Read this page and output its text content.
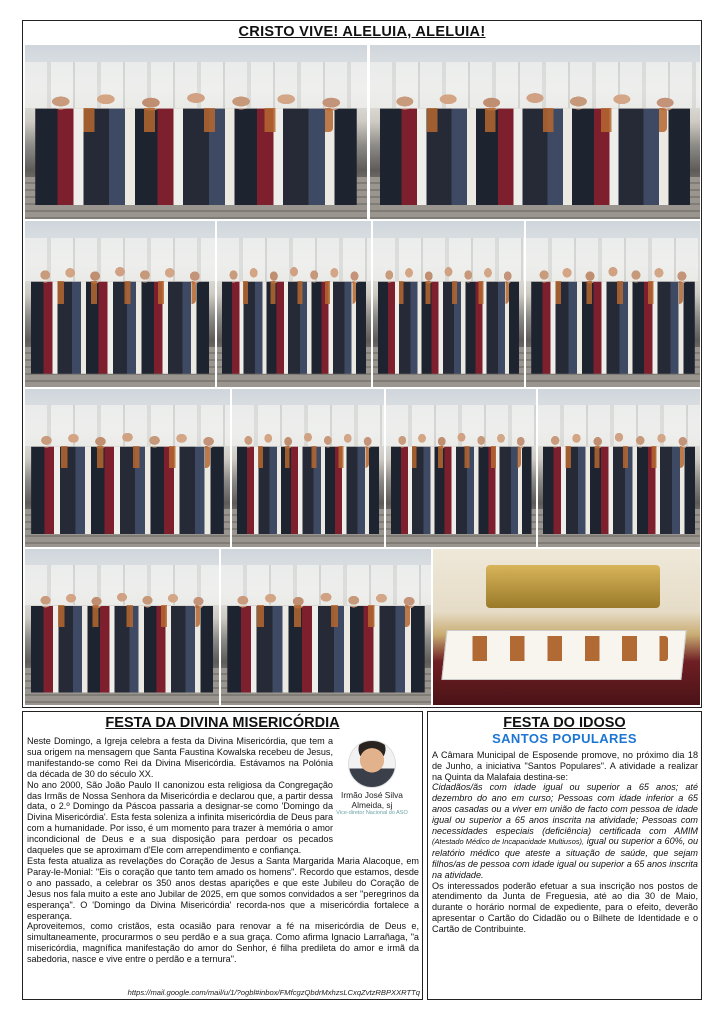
CRISTO VIVE! ALELUIA, ALELUIA!
FESTA DA DIVINA MISERICÓRDIA
Irmão José Silva Almeida, sj
Vice-diretor Nacional do ASO

Neste Domingo, a Igreja celebra a festa da Divina Misericórdia, que tem a sua origem na mensagem que Santa Faustina Kowalska recebeu de Jesus, manifestando-se como Rei da Divina Misericórdia. Estávamos na Polónia da década de 30 do século XX.

No ano 2000, São João Paulo II canonizou esta religiosa da Congregação das Irmãs de Nossa Senhora da Misericórdia e declarou que, a partir dessa data, o 2.º Domingo da Páscoa passaria a designar-se como 'Domingo da Divina Misericórdia'. Esta festa soleniza a infinita misericórdia de Deus para com a humanidade. Por isso, é um momento para trazer à memória o amor incondicional de Deus e a sua disposição para perdoar os pecados daqueles que se aproximam d'Ele com arrependimento e confiança.

Esta festa atualiza as revelações do Coração de Jesus a Santa Margarida Maria Alacoque, em Paray-le-Monial: "Eis o coração que tanto tem amado os homens". Recordo que estamos, desde o ano passado, a celebrar os 350 anos destas aparições e que este Jubileu do Coração de Jesus nos fala muito a este ano Jubilar de 2025, em que somos convidados a ser "peregrinos da esperança". O 'Domingo da Divina Misericórdia' recorda-nos que a misericórdia fortalece a esperança.

Aproveitemos, como cristãos, esta ocasião para renovar a fé na misericórdia de Deus e, simultaneamente, procurarmos o seu perdão e a sua graça. Como afirma Ignacio Larrañaga, "a misericórdia, magnífica manifestação do amor do Senhor, é filha predileta do amor e irmã da sabedoria, nasce e vive entre o perdão e a ternura".

https://mail.google.com/mail/u/1/?ogbl#inbox/FMfcgzQbdrMxhzsLCxqZvtzRBPXXRTTq
FESTA DO IDOSO
SANTOS POPULARES

A Câmara Municipal de Esposende promove, no próximo dia 18 de Junho, a iniciativa "Santos Populares". A atividade a realizar na Quinta da Malafaia destina-se:

Cidadãos/ãs com idade igual ou superior a 65 anos; até dezembro do ano em curso; Pessoas com idade inferior a 65 anos casadas ou a viver em união de facto com pessoa de idade igual ou superior a 65 anos inscrita na atividade; Pessoas com necessidades especiais (deficiência) certificada com AMIM (Atestado Médico de Incapacidade Multiusos), igual ou superior a 60%, ou relatório médico que ateste a situação de saúde, que sejam filhos/as de pessoa com idade igual ou superior a 65 anos inscrita na atividade.

Os interessados poderão efetuar a sua inscrição nos postos de atendimento da Junta de Freguesia, até ao dia 30 de Maio, durante o horário normal de expediente, para o efeito, deverão apresentar o Cartão do Cidadão ou o Bilhete de Identidade e o Cartão de Contribuinte.
